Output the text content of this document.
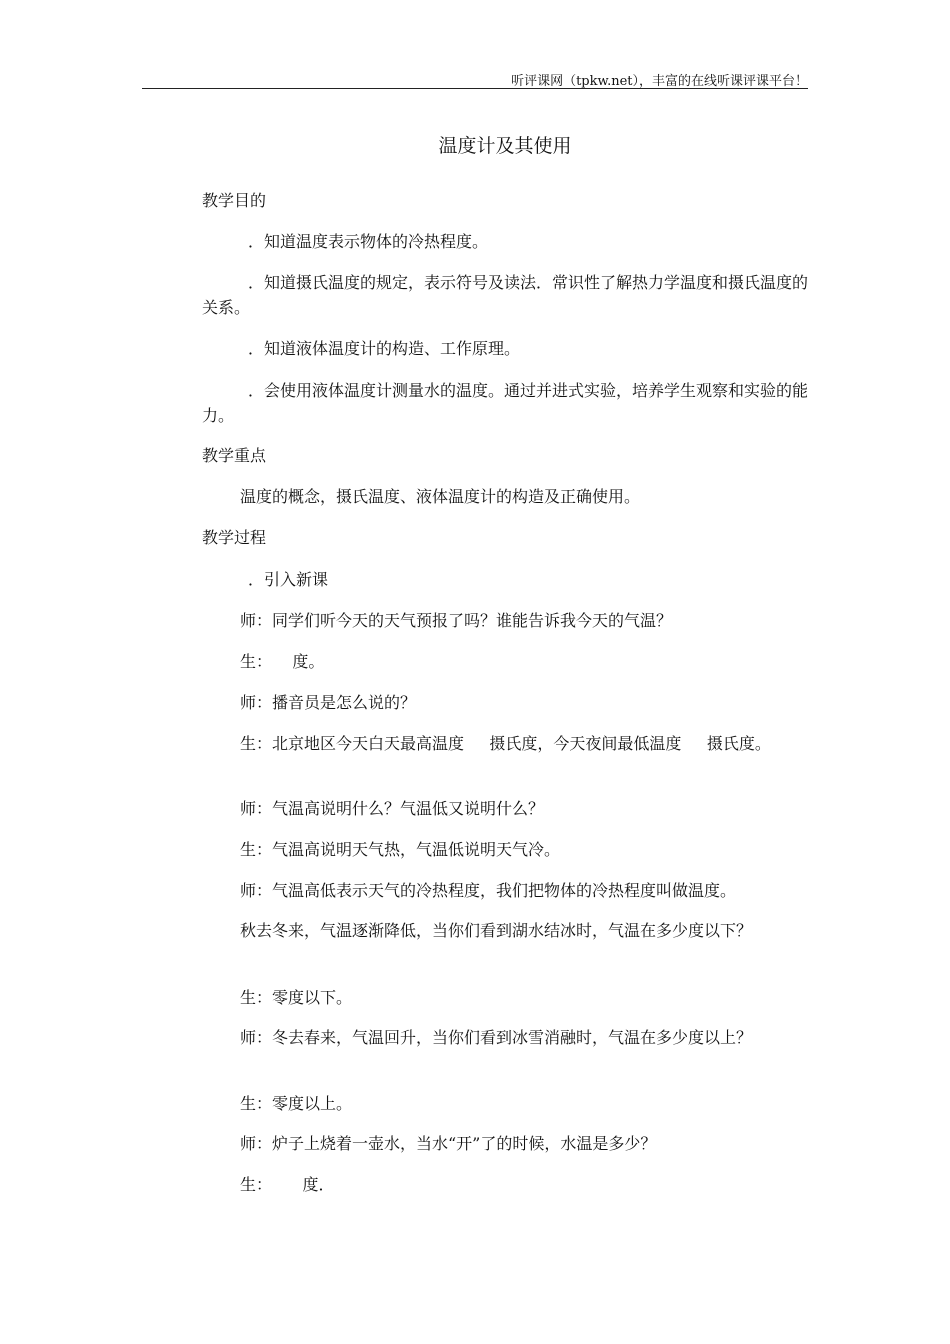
听评课网（tpkw.net），丰富的在线听课评课平台！
温度计及其使用
教学目的
．知道温度表示物体的冷热程度。
．知道摄氏温度的规定，表示符号及读法．常识性了解热力学温度和摄氏温度的关系。
．知道液体温度计的构造、工作原理。
．会使用液体温度计测量水的温度。通过并进式实验，培养学生观察和实验的能力。
教学重点
温度的概念，摄氏温度、液体温度计的构造及正确使用。
教学过程
．引入新课
师：同学们听今天的天气预报了吗？谁能告诉我今天的气温？
生：    度。
师：播音员是怎么说的？
生：北京地区今天白天最高温度     摄氏度，今天夜间最低温度     摄氏度。
师：气温高说明什么？气温低又说明什么？
生：气温高说明天气热，气温低说明天气冷。
师：气温高低表示天气的冷热程度，我们把物体的冷热程度叫做温度。
秋去冬来，气温逐渐降低，当你们看到湖水结冰时，气温在多少度以下？
生：零度以下。
师：冬去春来，气温回升，当你们看到冰雪消融时，气温在多少度以上？
生：零度以上。
师：炉子上烧着一壶水，当水“开”了的时候，水温是多少？
生：      度．
